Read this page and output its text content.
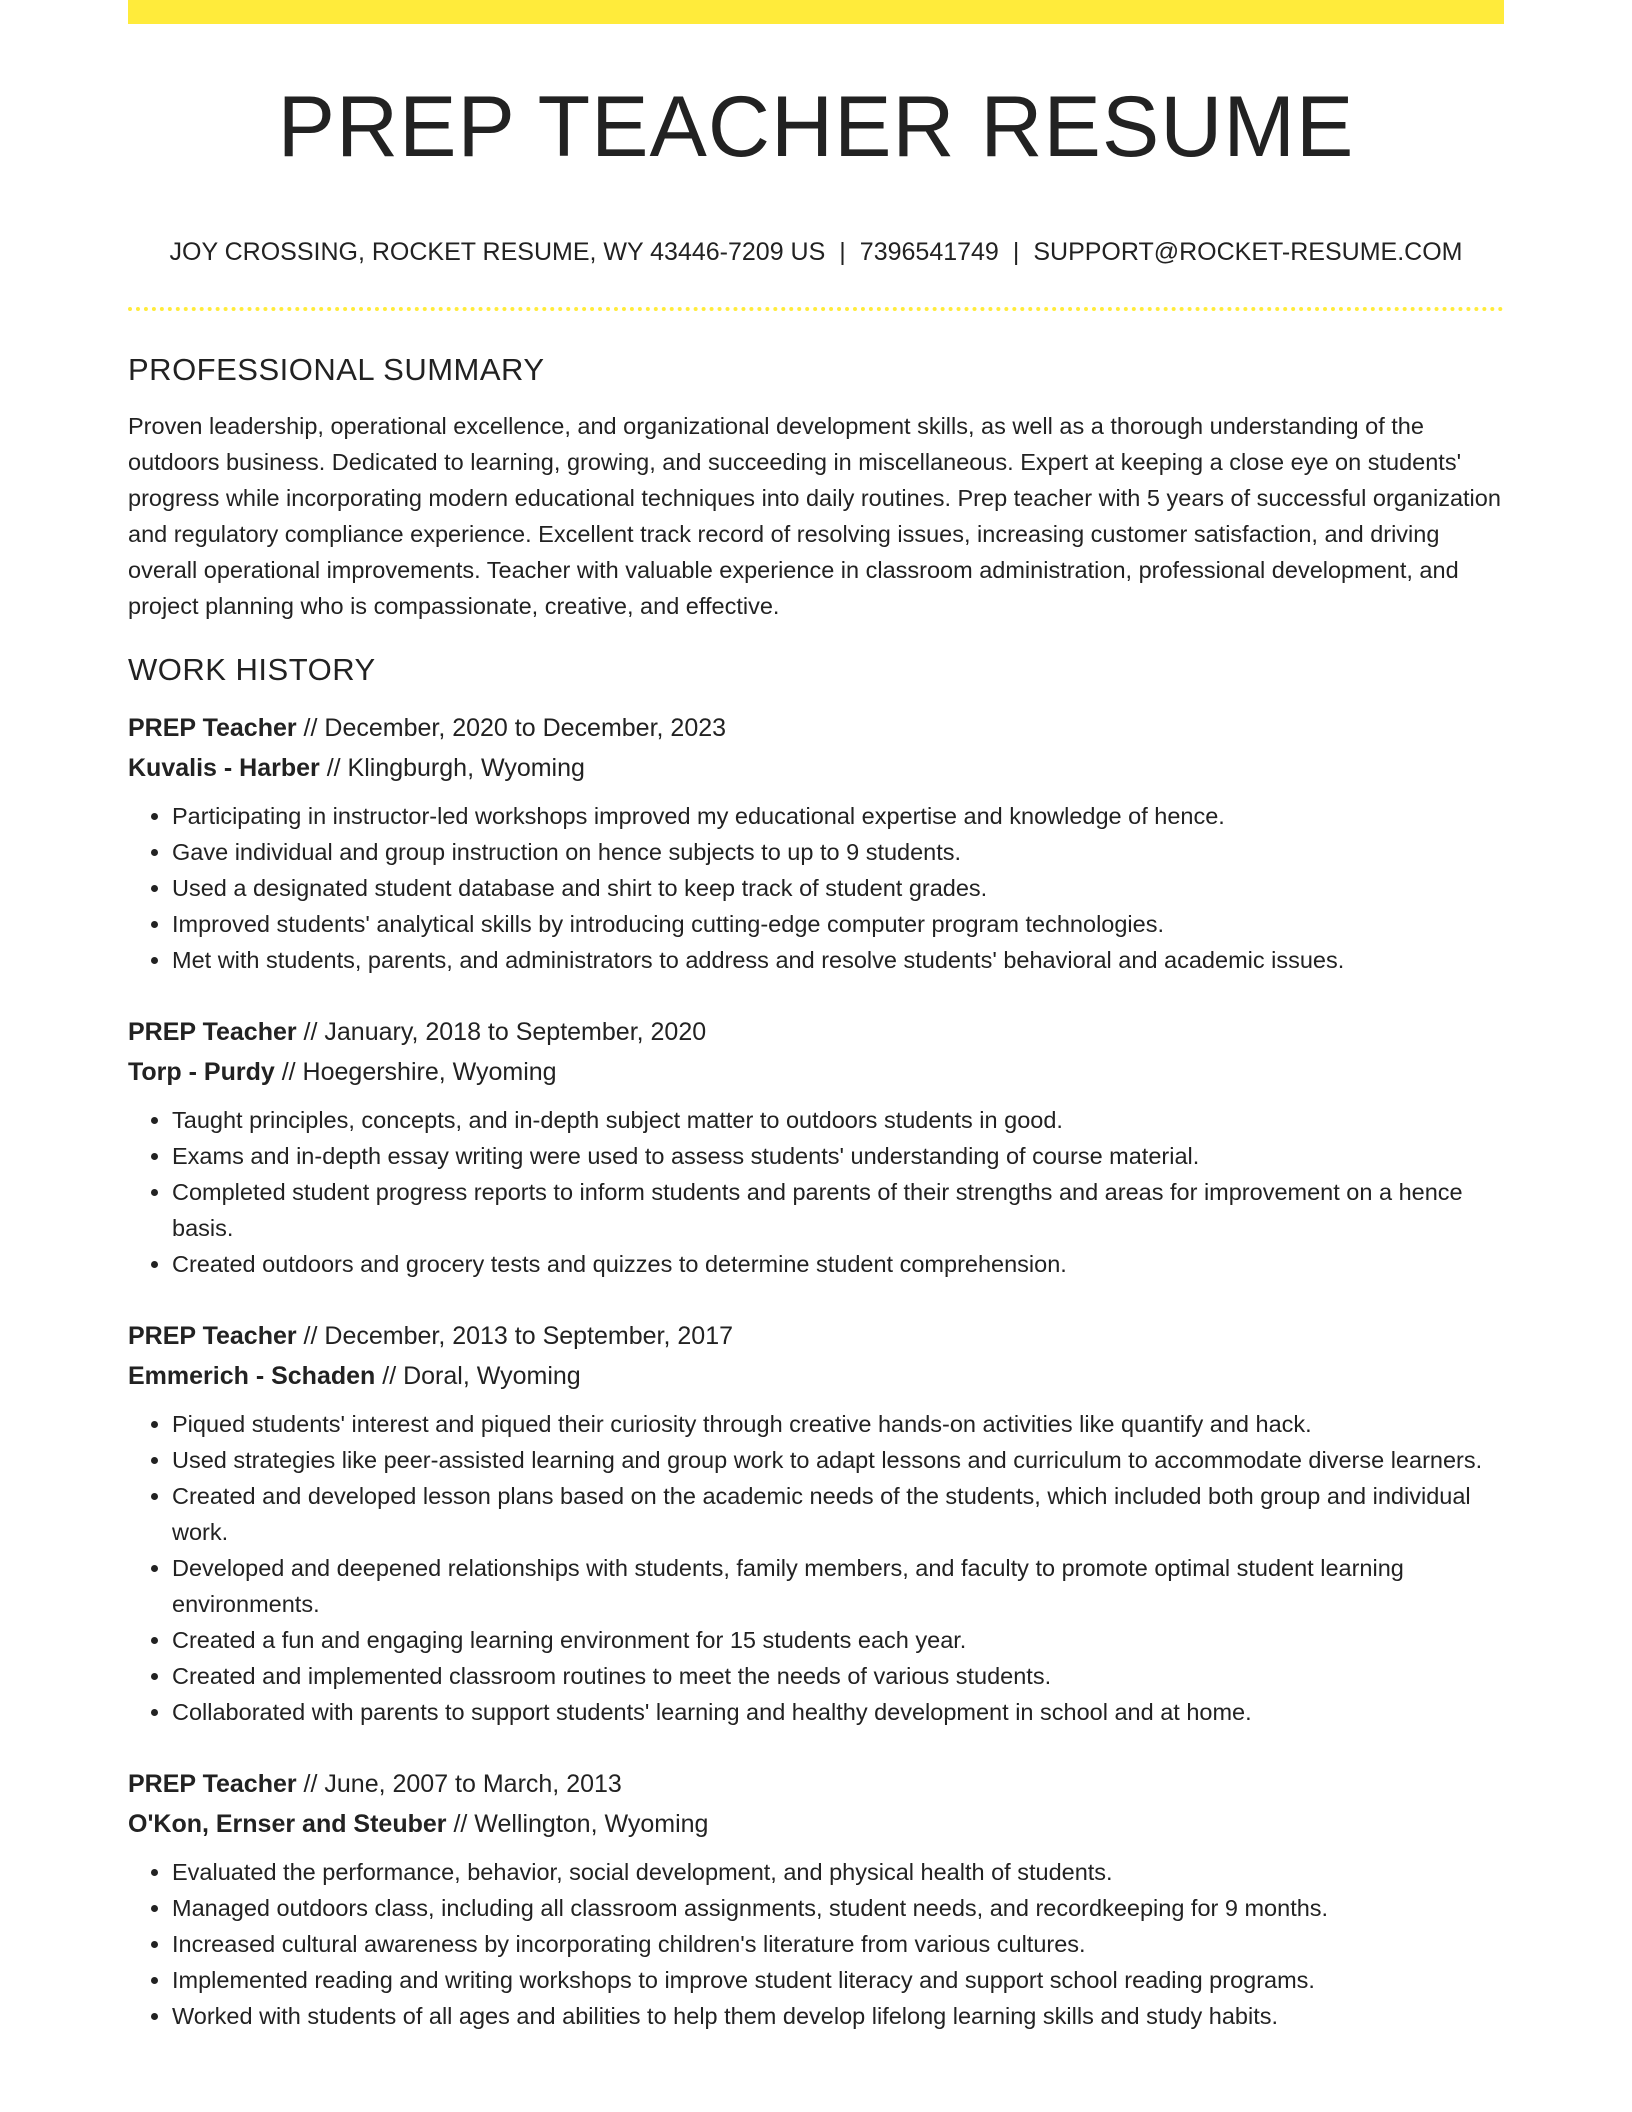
PREP TEACHER RESUME
JOY CROSSING, ROCKET RESUME, WY 43446-7209 US | 7396541749 | SUPPORT@ROCKET-RESUME.COM
PROFESSIONAL SUMMARY

Proven leadership, operational excellence, and organizational development skills, as well as a thorough understanding of the outdoors business. Dedicated to learning, growing, and succeeding in miscellaneous. Expert at keeping a close eye on students' progress while incorporating modern educational techniques into daily routines. Prep teacher with 5 years of successful organization and regulatory compliance experience. Excellent track record of resolving issues, increasing customer satisfaction, and driving overall operational improvements. Teacher with valuable experience in classroom administration, professional development, and project planning who is compassionate, creative, and effective.

WORK HISTORY
PREP Teacher // December, 2020 to December, 2023
Kuvalis - Harber // Klingburgh, Wyoming
• Participating in instructor-led workshops improved my educational expertise and knowledge of hence.
• Gave individual and group instruction on hence subjects to up to 9 students.
• Used a designated student database and shirt to keep track of student grades.
• Improved students' analytical skills by introducing cutting-edge computer program technologies.
• Met with students, parents, and administrators to address and resolve students' behavioral and academic issues.
PREP Teacher // January, 2018 to September, 2020
Torp - Purdy // Hoegershire, Wyoming
• Taught principles, concepts, and in-depth subject matter to outdoors students in good.
• Exams and in-depth essay writing were used to assess students' understanding of course material.
• Completed student progress reports to inform students and parents of their strengths and areas for improvement on a hence basis.
• Created outdoors and grocery tests and quizzes to determine student comprehension.
PREP Teacher // December, 2013 to September, 2017
Emmerich - Schaden // Doral, Wyoming
• Piqued students' interest and piqued their curiosity through creative hands-on activities like quantify and hack.
• Used strategies like peer-assisted learning and group work to adapt lessons and curriculum to accommodate diverse learners.
• Created and developed lesson plans based on the academic needs of the students, which included both group and individual work.
• Developed and deepened relationships with students, family members, and faculty to promote optimal student learning environments.
• Created a fun and engaging learning environment for 15 students each year.
• Created and implemented classroom routines to meet the needs of various students.
• Collaborated with parents to support students' learning and healthy development in school and at home.
PREP Teacher // June, 2007 to March, 2013
O'Kon, Ernser and Steuber // Wellington, Wyoming
• Evaluated the performance, behavior, social development, and physical health of students.
• Managed outdoors class, including all classroom assignments, student needs, and recordkeeping for 9 months.
• Increased cultural awareness by incorporating children's literature from various cultures.
• Implemented reading and writing workshops to improve student literacy and support school reading programs.
• Worked with students of all ages and abilities to help them develop lifelong learning skills and study habits.
